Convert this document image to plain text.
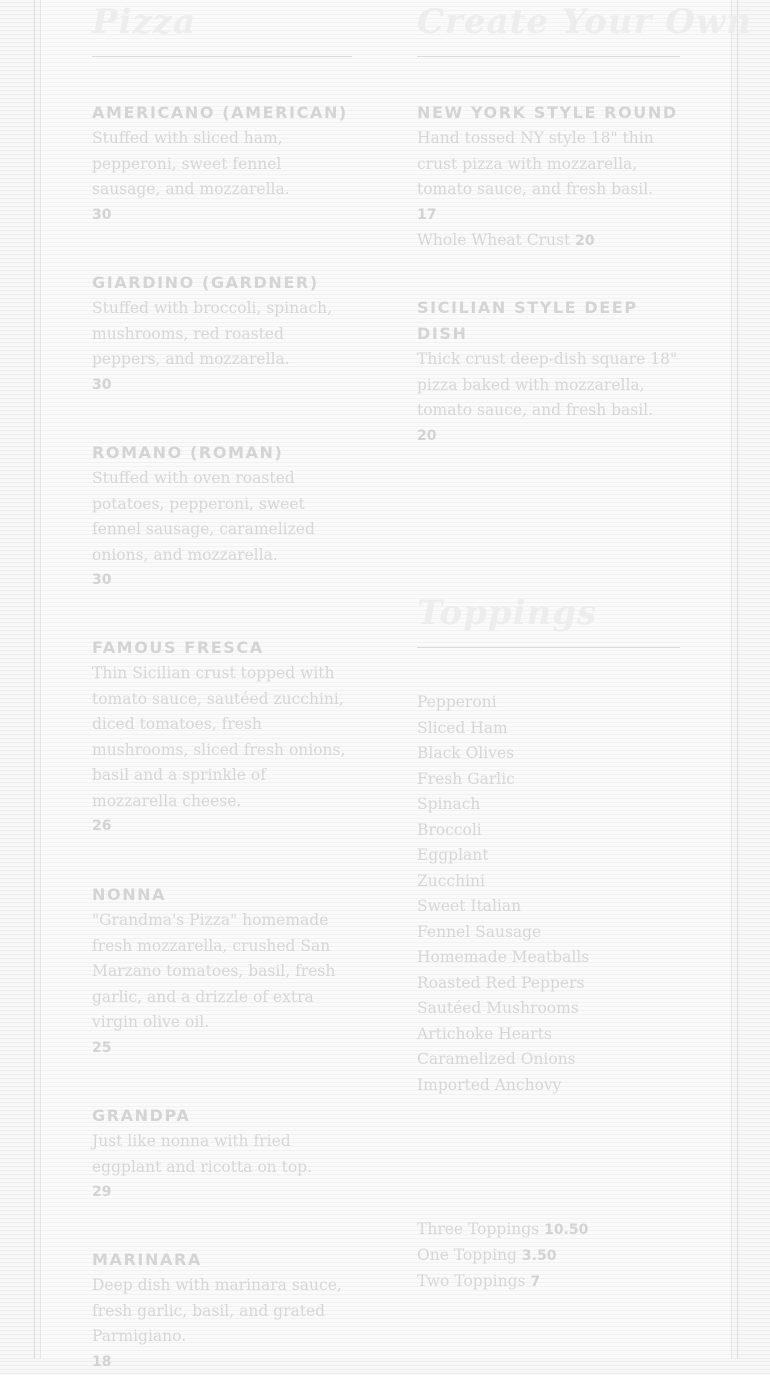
Pizza

AMERICANO (AMERICAN)

Stuffed with sliced ham, pepperoni, sweet fennel sausage, and mozzarella.

30

GIARDINO (GARDNER)

Stuffed with broccoli, spinach, mushrooms, red roasted peppers, and mozzarella.

30

ROMANO (ROMAN)

Stuffed with oven roasted potatoes, pepperoni, sweet fennel sausage, caramelized onions, and mozzarella.

30

FAMOUS FRESCA

Thin Sicilian crust topped with tomato sauce, sautéed zucchini, diced tomatoes, fresh mushrooms, sliced fresh onions, basil and a sprinkle of mozzarella cheese.

26

NONNA

"Grandma's Pizza" homemade fresh mozzarella, crushed San Marzano tomatoes, basil, fresh garlic, and a drizzle of extra virgin olive oil.

25

GRANDPA

Just like nonna with fried eggplant and ricotta on top.

29

MARINARA

Deep dish with marinara sauce, fresh garlic, basil, and grated Parmigiano.

18
Create Your Own

NEW YORK STYLE ROUND

Hand tossed NY style 18" thin crust pizza with mozzarella, tomato sauce, and fresh basil.

17
Whole Wheat Crust 20

SICILIAN STYLE DEEP DISH

Thick crust deep-dish square 18" pizza baked with mozzarella, tomato sauce, and fresh basil.

20
Toppings
Pepperoni
Sliced Ham
Black Olives
Fresh Garlic
Spinach
Broccoli
Eggplant
Zucchini
Sweet Italian
Fennel Sausage
Homemade Meatballs
Roasted Red Peppers
Sautéed Mushrooms
Artichoke Hearts
Caramelized Onions
Imported Anchovy
Three Toppings 10.50
One Topping 3.50
Two Toppings 7
